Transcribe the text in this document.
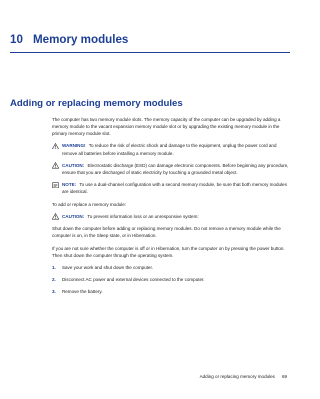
10 Memory modules
Adding or replacing memory modules

The computer has two memory module slots. The memory capacity of the computer can be upgraded by adding a memory module to the vacant expansion memory module slot or by upgrading the existing memory module in the primary memory module slot.

WARNING! To reduce the risk of electric shock and damage to the equipment, unplug the power cord and remove all batteries before installing a memory module.
CAUTION: Electrostatic discharge (ESD) can damage electronic components. Before beginning any procedure, ensure that you are discharged of static electricity by touching a grounded metal object.
NOTE: To use a dual-channel configuration with a second memory module, be sure that both memory modules are identical.

To add or replace a memory module:

CAUTION: To prevent information loss or an unresponsive system:

Shut down the computer before adding or replacing memory modules. Do not remove a memory module while the computer is on, in the Sleep state, or in Hibernation.

If you are not sure whether the computer is off or in Hibernation, turn the computer on by pressing the power button. Then shut down the computer through the operating system.

1. Save your work and shut down the computer.
2. Disconnect AC power and external devices connected to the computer.
3. Remove the battery.
Adding or replacing memory modules 69
